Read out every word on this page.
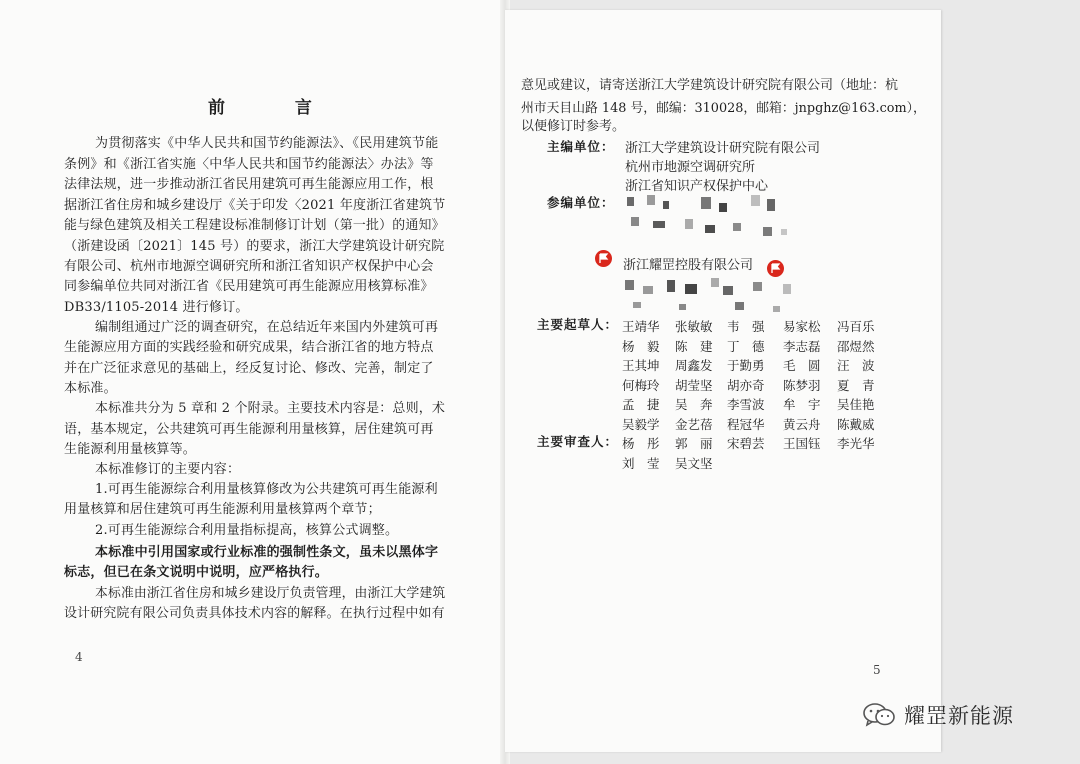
前 言
为贯彻落实《中华人民共和国节约能源法》、《民用建筑节能
条例》和《浙江省实施〈中华人民共和国节约能源法〉办法》等
法律法规，进一步推动浙江省民用建筑可再生能源应用工作，根
据浙江省住房和城乡建设厅《关于印发〈2021 年度浙江省建筑节
能与绿色建筑及相关工程建设标准制修订计划（第一批）的通知》
（浙建设函〔2021〕145 号）的要求，浙江大学建筑设计研究院
有限公司、杭州市地源空调研究所和浙江省知识产权保护中心会
同参编单位共同对浙江省《民用建筑可再生能源应用核算标准》
DB33/1105-2014 进行修订。
编制组通过广泛的调查研究，在总结近年来国内外建筑可再
生能源应用方面的实践经验和研究成果，结合浙江省的地方特点
并在广泛征求意见的基础上，经反复讨论、修改、完善，制定了
本标准。
本标准共分为 5 章和 2 个附录。主要技术内容是：总则，术
语，基本规定，公共建筑可再生能源利用量核算，居住建筑可再
生能源利用量核算等。
本标准修订的主要内容：
1.可再生能源综合利用量核算修改为公共建筑可再生能源利
用量核算和居住建筑可再生能源利用量核算两个章节；
2.可再生能源综合利用量指标提高，核算公式调整。
本标准中引用国家或行业标准的强制性条文，虽未以黑体字
标志，但已在条文说明中说明，应严格执行。
本标准由浙江省住房和城乡建设厅负责管理，由浙江大学建筑
设计研究院有限公司负责具体技术内容的解释。在执行过程中如有
4
意见或建议，请寄送浙江大学建筑设计研究院有限公司（地址：杭
州市天目山路 148 号，邮编：310028，邮箱：jnpghz@163.com），
以便修订时参考。
主编单位： 浙江大学建筑设计研究院有限公司
杭州市地源空调研究所
浙江省知识产权保护中心
参编单位：
浙江耀罡控股有限公司
主要起草人： 王靖华 张敏敏 韦　强 易家松 冯百乐
杨　毅 陈　建 丁　德 李志磊 邵煜然
王其坤 周鑫发 于勤勇 毛　圆 汪　波
何梅玲 胡莹坚 胡亦奇 陈梦羽 夏　青
孟　捷 吴　奔 李雪波 牟　宇 吴佳艳
吴毅学 金艺蓓 程冠华 黄云舟 陈戴威
主要审查人： 杨　彤 郭　丽 宋碧芸 王国钰 李光华
刘　莹 吴文坚
5
耀罡新能源
